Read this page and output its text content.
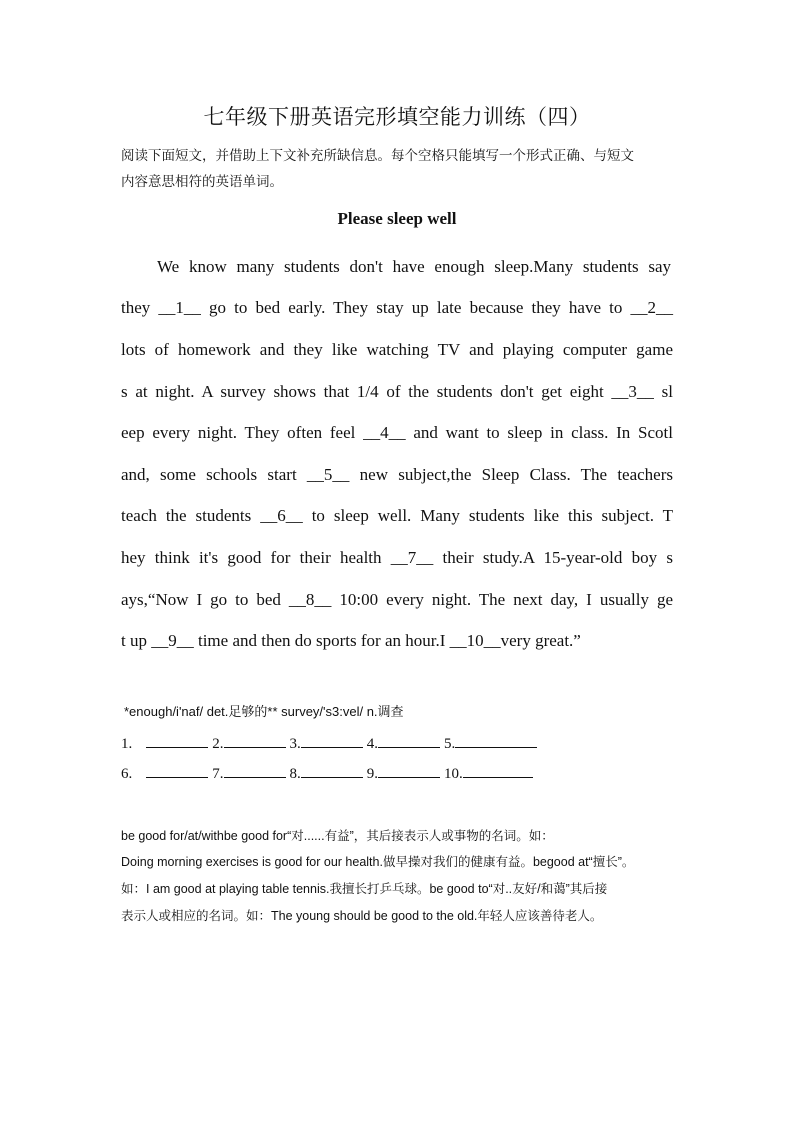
七年级下册英语完形填空能力训练（四）
阅读下面短文，并借助上下文补充所缺信息。每个空格只能填写一个形式正确、与短文
内容意思相符的英语单词。
Please sleep well
We know many students don't have enough sleep.Many students say
they __1__ go to bed early. They stay up late because they have to __2__
lots of homework and they like watching TV and playing computer game
s at night. A survey shows that 1/4 of the students don't get eight __3__ sl
eep every night. They often feel __4__ and want to sleep in class. In Scotl
and, some schools start __5__ new subject,the Sleep Class. The teachers
teach the students __6__ to sleep well. Many students like this subject. T
hey think it's good for their health __7__ their study.A 15-year-old boy s
ays,“Now I go to bed __8__ 10:00 every night. The next day, I usually ge
t up __9__ time and then do sports for an hour.I __10__very great.”
*enough/i'naf/ det.足够的** survey/'s3:vel/ n.调查
1.	2.	3.	4.	5.
6.	7.	8.	9.	10.
be good for/at/withbe good for“对......有益”，其后接表示人或事物的名词。如：
Doing morning exercises is good for our health.做早操对我们的健康有益。begood at“擅长”。
如：I am good at playing table tennis.我擅长打乒乓球。be good to“对..友好/和蔼”其后接
表示人或相应的名词。如：The young should be good to the old.年轻人应该善待老人。
